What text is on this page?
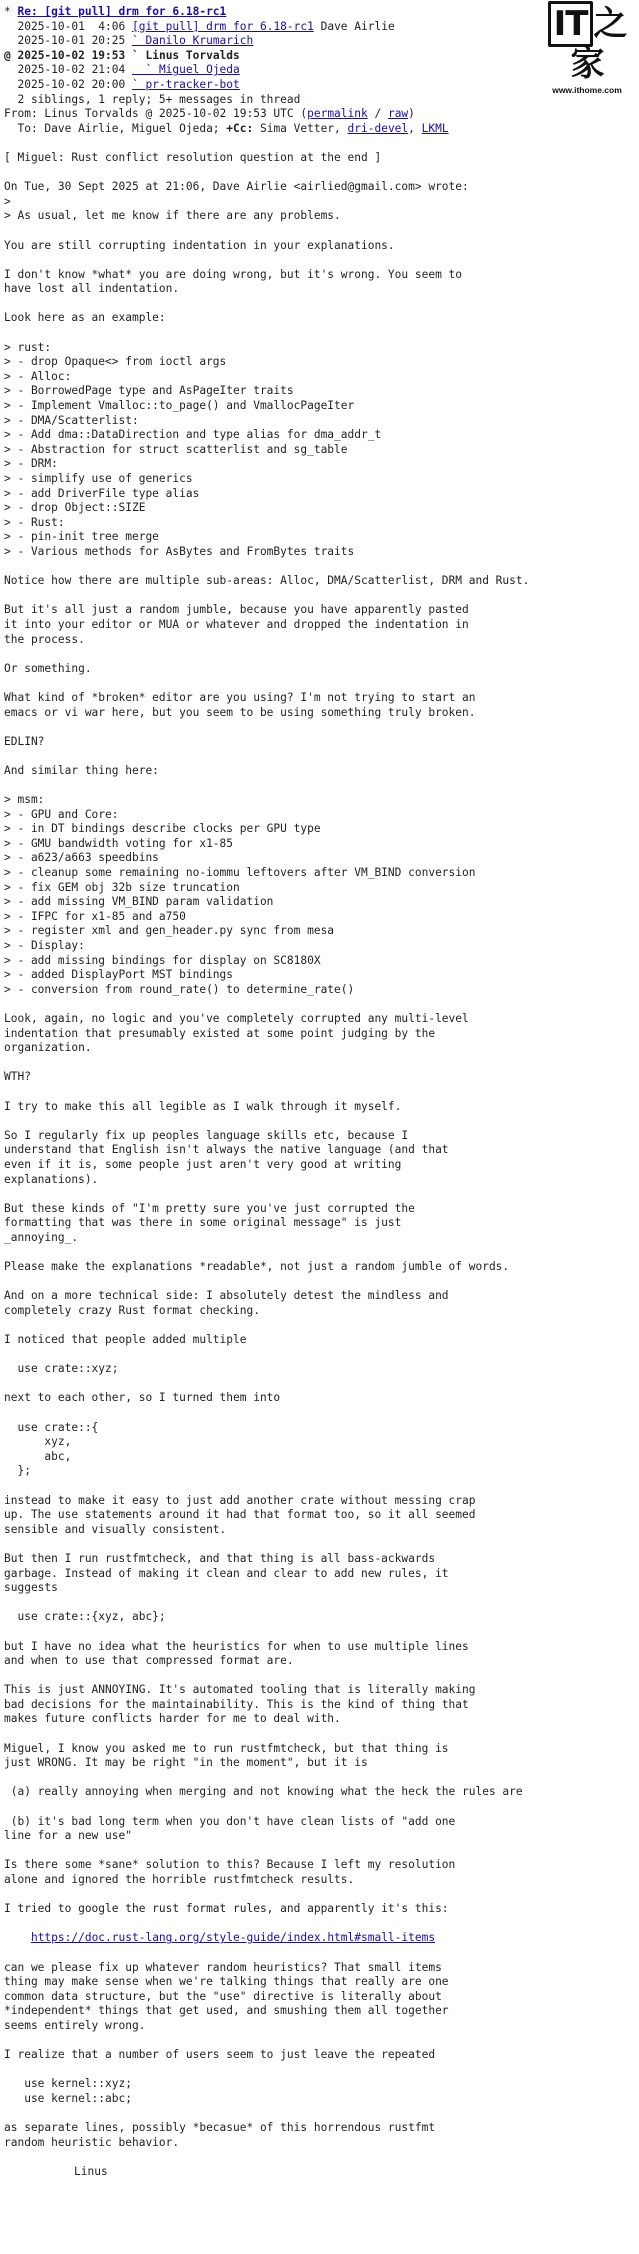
IT 之家
www.ithome.com
* Re: [git pull] drm for 6.18-rc1
2025-10-01  4:06 [git pull] drm for 6.18-rc1 Dave Airlie
2025-10-01 20:25 ` Danilo Krumarich
@ 2025-10-02 19:53 ` Linus Torvalds
2025-10-02 21:04   ` Miguel Ojeda
2025-10-02 20:00 ` pr-tracker-bot
2 siblings, 1 reply; 5+ messages in thread
From: Linus Torvalds @ 2025-10-02 19:53 UTC (permalink / raw)
To: Dave Airlie, Miguel Ojeda; +Cc: Sima Vetter, dri-devel, LKML
[ Miguel: Rust conflict resolution question at the end ]
On Tue, 30 Sept 2025 at 21:06, Dave Airlie <airlied@gmail.com> wrote:
>
> As usual, let me know if there are any problems.
You are still corrupting indentation in your explanations.
I don't know *what* you are doing wrong, but it's wrong. You seem to
have lost all indentation.
Look here as an example:
> rust:
> - drop Opaque<> from ioctl args
> - Alloc:
> - BorrowedPage type and AsPageIter traits
> - Implement Vmalloc::to_page() and VmallocPageIter
> - DMA/Scatterlist:
> - Add dma::DataDirection and type alias for dma_addr_t
> - Abstraction for struct scatterlist and sg_table
> - DRM:
> - simplify use of generics
> - add DriverFile type alias
> - drop Object::SIZE
> - Rust:
> - pin-init tree merge
> - Various methods for AsBytes and FromBytes traits
Notice how there are multiple sub-areas: Alloc, DMA/Scatterlist, DRM and Rust.
But it's all just a random jumble, because you have apparently pasted
it into your editor or MUA or whatever and dropped the indentation in
the process.
Or something.
What kind of *broken* editor are you using? I'm not trying to start an
emacs or vi war here, but you seem to be using something truly broken.
EDLIN?
And similar thing here:
> msm:
> - GPU and Core:
> - in DT bindings describe clocks per GPU type
> - GMU bandwidth voting for x1-85
> - a623/a663 speedbins
> - cleanup some remaining no-iommu leftovers after VM_BIND conversion
> - fix GEM obj 32b size truncation
> - add missing VM_BIND param validation
> - IFPC for x1-85 and a750
> - register xml and gen_header.py sync from mesa
> - Display:
> - add missing bindings for display on SC8180X
> - added DisplayPort MST bindings
> - conversion from round_rate() to determine_rate()
Look, again, no logic and you've completely corrupted any multi-level
indentation that presumably existed at some point judging by the
organization.
WTH?
I try to make this all legible as I walk through it myself.
So I regularly fix up peoples language skills etc, because I
understand that English isn't always the native language (and that
even if it is, some people just aren't very good at writing
explanations).
But these kinds of "I'm pretty sure you've just corrupted the
formatting that was there in some original message" is just
_annoying_.
Please make the explanations *readable*, not just a random jumble of words.
And on a more technical side: I absolutely detest the mindless and
completely crazy Rust format checking.
I noticed that people added multiple
use crate::xyz;
next to each other, so I turned them into
use crate::{
xyz,
abc,
};
instead to make it easy to just add another crate without messing crap
up. The use statements around it had that format too, so it all seemed
sensible and visually consistent.
But then I run rustfmtcheck, and that thing is all bass-ackwards
garbage. Instead of making it clean and clear to add new rules, it
suggests
use crate::{xyz, abc};
but I have no idea what the heuristics for when to use multiple lines
and when to use that compressed format are.
This is just ANNOYING. It's automated tooling that is literally making
bad decisions for the maintainability. This is the kind of thing that
makes future conflicts harder for me to deal with.
Miguel, I know you asked me to run rustfmtcheck, but that thing is
just WRONG. It may be right "in the moment", but it is
(a) really annoying when merging and not knowing what the heck the rules are
(b) it's bad long term when you don't have clean lists of "add one
line for a new use"
Is there some *sane* solution to this? Because I left my resolution
alone and ignored the horrible rustfmtcheck results.
I tried to google the rust format rules, and apparently it's this:
https://doc.rust-lang.org/style-guide/index.html#small-items
can we please fix up whatever random heuristics? That small items
thing may make sense when we're talking things that really are one
common data structure, but the "use" directive is literally about
*independent* things that get used, and smushing them all together
seems entirely wrong.
I realize that a number of users seem to just leave the repeated
use kernel::xyz;
use kernel::abc;
as separate lines, possibly *becasue* of this horrendous rustfmt
random heuristic behavior.
Linus
